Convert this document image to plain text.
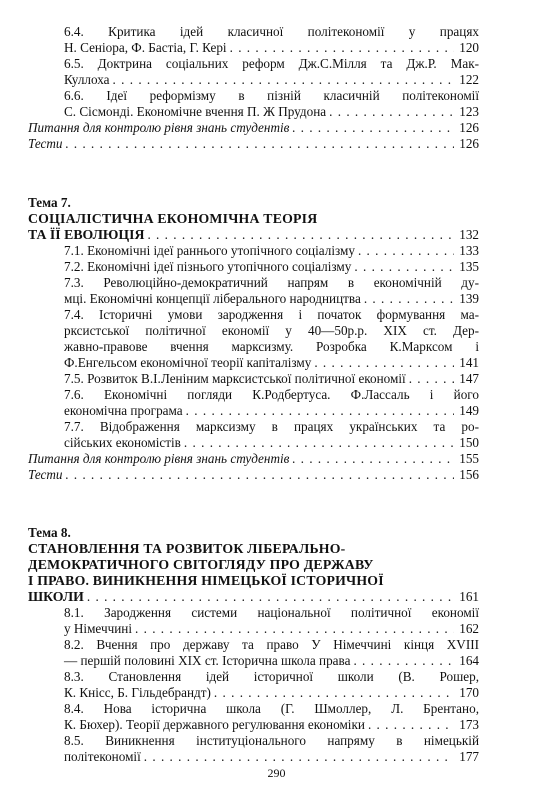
6.4. Критика ідей класичної політекономії у працях
Н. Сеніора, Ф. Бастіа, Г. Кері . . .	120
6.5. Доктрина соціальних реформ Дж.С.Мілля та Дж.Р. Мак-
Куллоха . . .	122
6.6. Ідеї реформізму в пізній класичній політекономії
С. Сісмонді. Економічне вчення П. Ж Прудона . . .	123
Питання для контролю рівня знань студентів . . .	126
Тести . . .	126
Тема 7.
СОЦІАЛІСТИЧНА ЕКОНОМІЧНА ТЕОРІЯ
ТА ЇЇ ЕВОЛЮЦІЯ . . .	132
7.1. Економічні ідеї раннього утопічного соціалізму . . .	133
7.2. Економічні ідеї пізнього утопічного соціалізму . . .	135
7.3. Революційно-демократичний напрям в економічній ду-
мці. Економічні концепції ліберального народництва . . .	139
7.4. Історичні умови зародження і початок формування ма-
рксистської політичної економії у 40—50р.р. XIX ст. Дер-
жавно-правове вчення марксизму. Розробка К.Марксом і
Ф.Енгельсом економічної теорії капіталізму . . .	141
7.5. Розвиток В.І.Леніним марксистської політичної економії . . .	147
7.6. Економічні погляди К.Родбертуса. Ф.Лассаль і його
економічна програма . . .	149
7.7. Відображення марксизму в працях українських та ро-
сійських економістів . . .	150
Питання для контролю рівня знань студентів . . .	155
Тести . . .	156
Тема 8.
СТАНОВЛЕННЯ ТА РОЗВИТОК ЛІБЕРАЛЬНО-
ДЕМОКРАТИЧНОГО СВІТОГЛЯДУ ПРО ДЕРЖАВУ
І ПРАВО. ВИНИКНЕННЯ НІМЕЦЬКОЇ ІСТОРИЧНОЇ
ШКОЛИ . . .	161
8.1. Зародження системи національної політичної економії
у Німеччині . . .	162
8.2. Вчення про державу та право У Німеччині кінця XVIII
— першій половині XIX ст. Історична школа права . . .	164
8.3. Становлення ідей історичної школи (В. Рошер,
К. Кнісс, Б. Гільдебрандт) . . .	170
8.4. Нова історична школа (Г. Шмоллер, Л. Брентано,
К. Бюхер). Теорії державного регулювання економіки . . .	173
8.5. Виникнення інституціонального напряму в німецькій
політекономії . . .	177
290
